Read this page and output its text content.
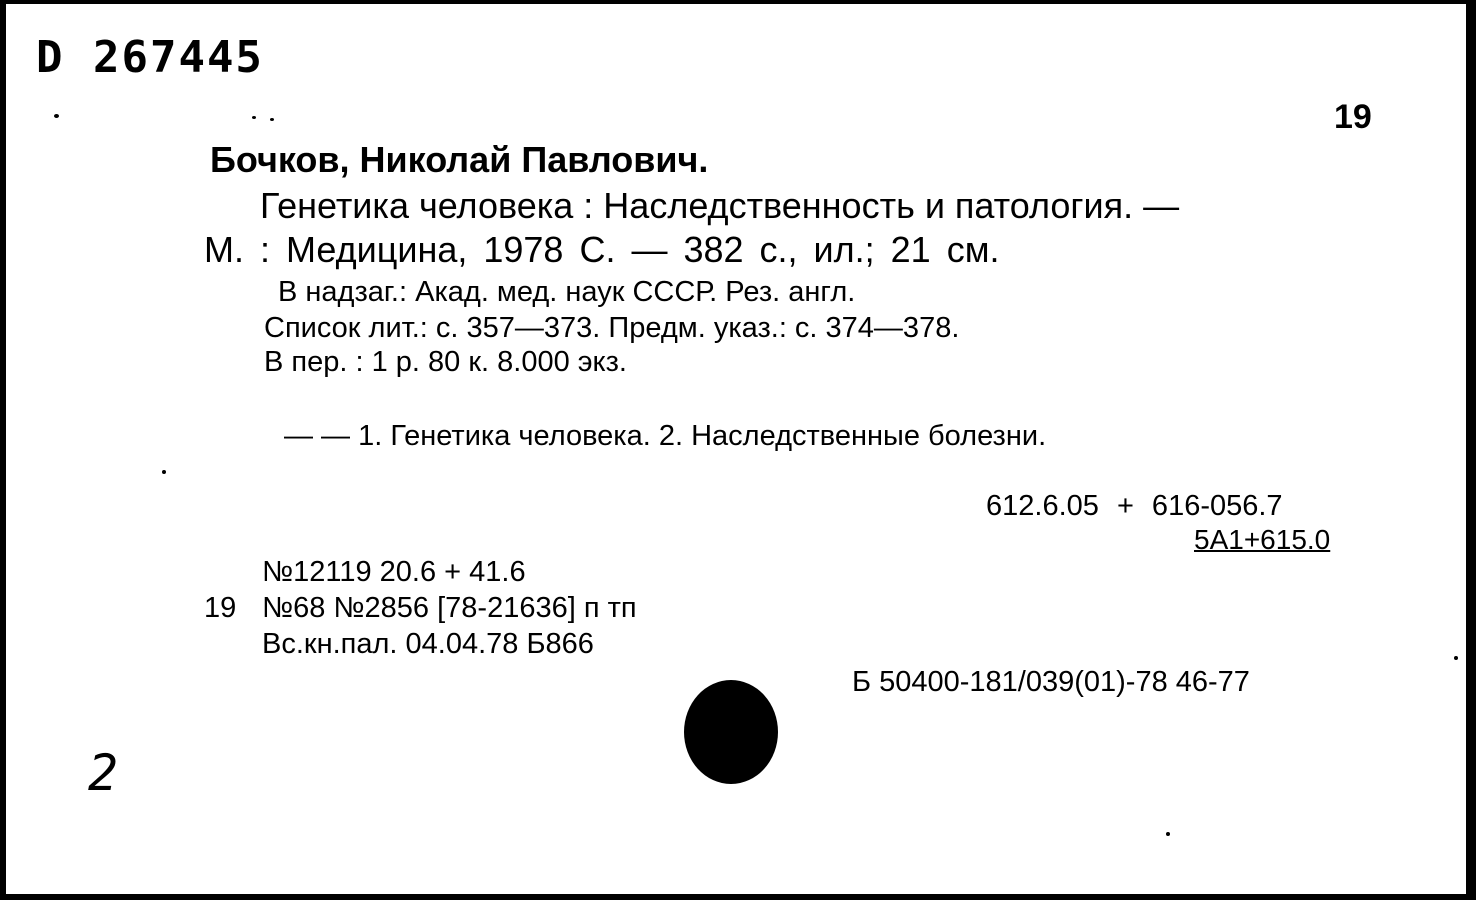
D 267445
19
Бочков, Николай Павлович.
Генетика человека : Наследственность и патология. —
М. : Медицина, 1978 С. — 382 с., ил.; 21 см.
В надзаг.: Акад. мед. наук СССР. Рез. англ.
Список лит.: с. 357—373. Предм. указ.: с. 374—378.
В пер. : 1 р. 80 к. 8.000 экз.
— — 1. Генетика человека. 2. Наследственные болезни.
612.6.05 + 616-056.7
5А1+615.0
№12119 20.6 + 41.6
19 №68 №2856 [78-21636] п тп
Вс.кн.пал. 04.04.78 Б866
Б 50400-181/039(01)-78 46-77
2
